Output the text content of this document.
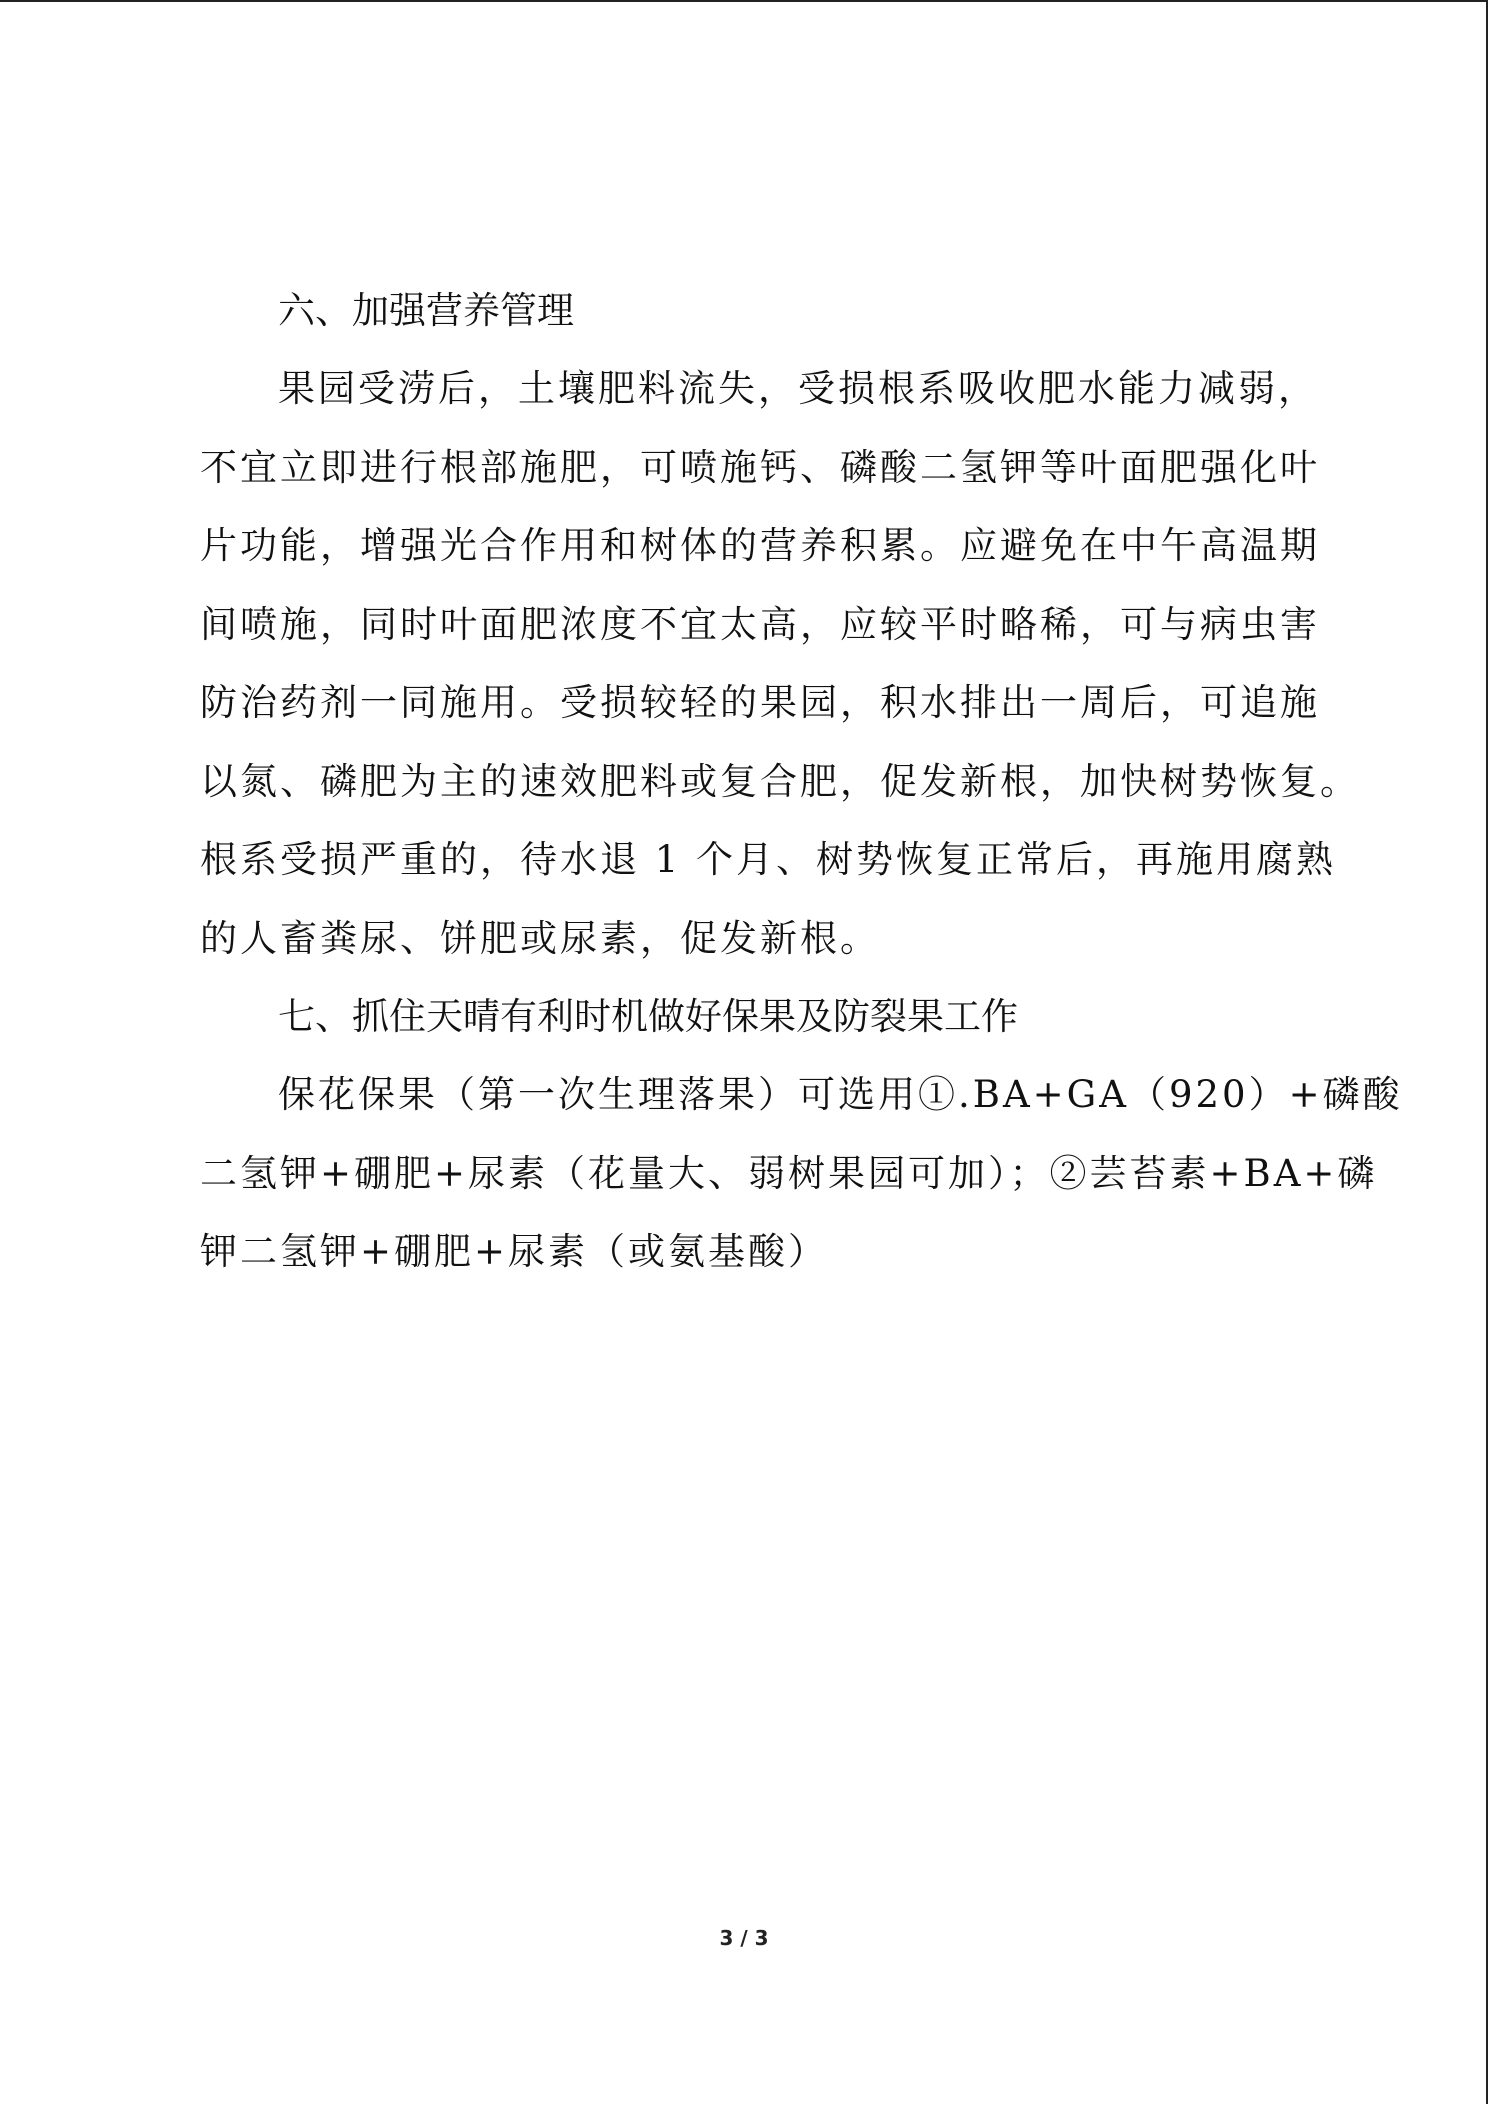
六、加强营养管理
果园受涝后，土壤肥料流失，受损根系吸收肥水能力减弱，
不宜立即进行根部施肥，可喷施钙、磷酸二氢钾等叶面肥强化叶
片功能，增强光合作用和树体的营养积累。应避免在中午高温期
间喷施，同时叶面肥浓度不宜太高，应较平时略稀，可与病虫害
防治药剂一同施用。受损较轻的果园，积水排出一周后，可追施
以氮、磷肥为主的速效肥料或复合肥，促发新根，加快树势恢复。
根系受损严重的，待水退 1 个月、树势恢复正常后，再施用腐熟
的人畜粪尿、饼肥或尿素，促发新根。
七、抓住天晴有利时机做好保果及防裂果工作
保花保果（第一次生理落果）可选用①.BA+GA（920）+磷酸
二氢钾+硼肥+尿素（花量大、弱树果园可加）；②芸苔素+BA+磷
钾二氢钾+硼肥+尿素（或氨基酸）
3 / 3
